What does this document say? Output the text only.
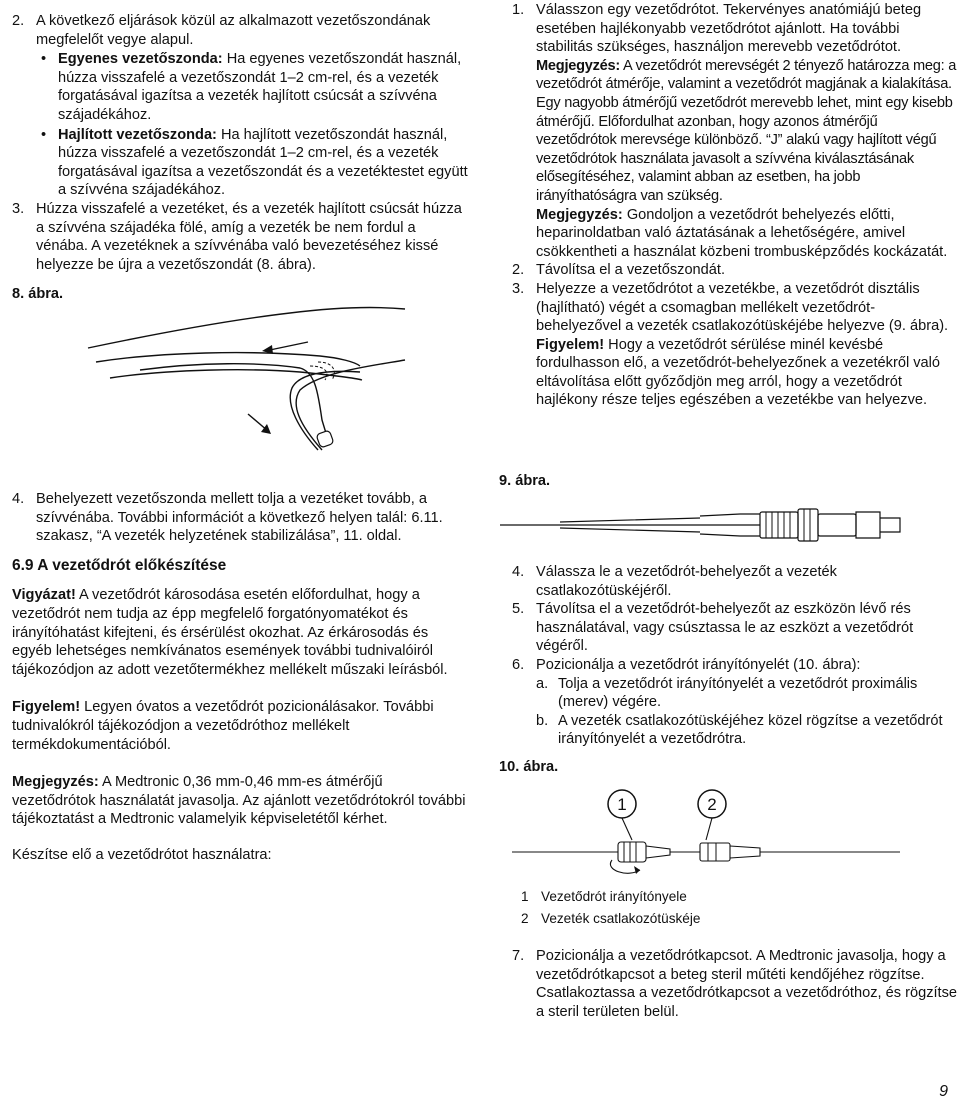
2. A következő eljárások közül az alkalmazott vezetőszondának megfelelőt vegye alapul.

• Egyenes vezetőszonda: Ha egyenes vezetőszondát használ, húzza visszafelé a vezetőszondát 1–2 cm-rel, és a vezeték forgatásával igazítsa a vezeték hajlított csúcsát a szívvéna szájadékához.

• Hajlított vezetőszonda: Ha hajlított vezetőszondát használ, húzza visszafelé a vezetőszondát 1–2 cm-rel, és a vezeték forgatásával igazítsa a vezetőszondát és a vezetéktestet együtt a szívvéna szájadékához.

3. Húzza visszafelé a vezetéket, és a vezeték hajlított csúcsát húzza a szívvéna szájadéka fölé, amíg a vezeték be nem fordul a vénába. A vezetéknek a szívvénába való bevezetéséhez kissé helyezze be újra a vezetőszondát (8. ábra).

8. ábra.

4. Behelyezett vezetőszonda mellett tolja a vezetéket tovább, a szívvénába. További információt a következő helyen talál: 6.11. szakasz, “A vezeték helyzetének stabilizálása”, 11. oldal.

6.9 A vezetődrót előkészítése

Vigyázat! A vezetődrót károsodása esetén előfordulhat, hogy a vezetődrót nem tudja az épp megfelelő forgatónyomatékot és irányítóhatást kifejteni, és érsérülést okozhat. Az érkárosodás és egyéb lehetséges nemkívánatos események további tudnivalóiról tájékozódjon az adott vezetőtermékhez mellékelt műszaki leírásból.

Figyelem! Legyen óvatos a vezetődrót pozicionálásakor. További tudnivalókról tájékozódjon a vezetődróthoz mellékelt termékdokumentációból.

Megjegyzés: A Medtronic 0,36 mm-0,46 mm-es átmérőjű vezetődrótok használatát javasolja. Az ajánlott vezetődrótokról további tájékoztatást a Medtronic valamelyik képviseletétől kérhet.

Készítse elő a vezetődrótot használatra:

1. Válasszon egy vezetődrótot. Tekervényes anatómiájú beteg esetében hajlékonyabb vezetődrótot ajánlott. Ha további stabilitás szükséges, használjon merevebb vezetődrótot.

Megjegyzés: A vezetődrót merevségét 2 tényező határozza meg: a vezetődrót átmérője, valamint a vezetődrót magjának a kialakítása. Egy nagyobb átmérőjű vezetődrót merevebb lehet, mint egy kisebb átmérőjű. Előfordulhat azonban, hogy azonos átmérőjű vezetődrótok merevsége különböző. “J” alakú vagy hajlított végű vezetődrótok használata javasolt a szívvéna kiválasztásának elősegítéséhez, valamint abban az esetben, ha jobb irányíthatóságra van szükség.

Megjegyzés: Gondoljon a vezetődrót behelyezés előtti, heparinoldatban való áztatásának a lehetőségére, amivel csökkentheti a használat közbeni trombusképződés kockázatát.

2. Távolítsa el a vezetőszondát.

3. Helyezze a vezetődrótot a vezetékbe, a vezetődrót disztális (hajlítható) végét a csomagban mellékelt vezetődrót-behelyezővel a vezeték csatlakozótüskéjébe helyezve (9. ábra).

Figyelem! Hogy a vezetődrót sérülése minél kevésbé fordulhasson elő, a vezetődrót-behelyezőnek a vezetékről való eltávolítása előtt győződjön meg arról, hogy a vezetődrót hajlékony része teljes egészében a vezetékbe van helyezve.

9. ábra.

4. Válassza le a vezetődrót-behelyezőt a vezeték csatlakozótüskéjéről.

5. Távolítsa el a vezetődrót-behelyezőt az eszközön lévő rés használatával, vagy csúsztassa le az eszközt a vezetődrót végéről.

6. Pozicionálja a vezetődrót irányítónyelét (10. ábra):

a. Tolja a vezetődrót irányítónyelét a vezetődrót proximális (merev) végére.

b. A vezeték csatlakozótüskéjéhez közel rögzítse a vezetődrót irányítónyelét a vezetődrótra.

10. ábra.

1	2
1 Vezetődrót irányítónyele
2 Vezeték csatlakozótüskéje
7. Pozicionálja a vezetődrótkapcsot. A Medtronic javasolja, hogy a vezetődrótkapcsot a beteg steril műtéti kendőjéhez rögzítse. Csatlakoztassa a vezetődrótkapcsot a vezetődróthoz, és rögzítse a steril területen belül.

9
